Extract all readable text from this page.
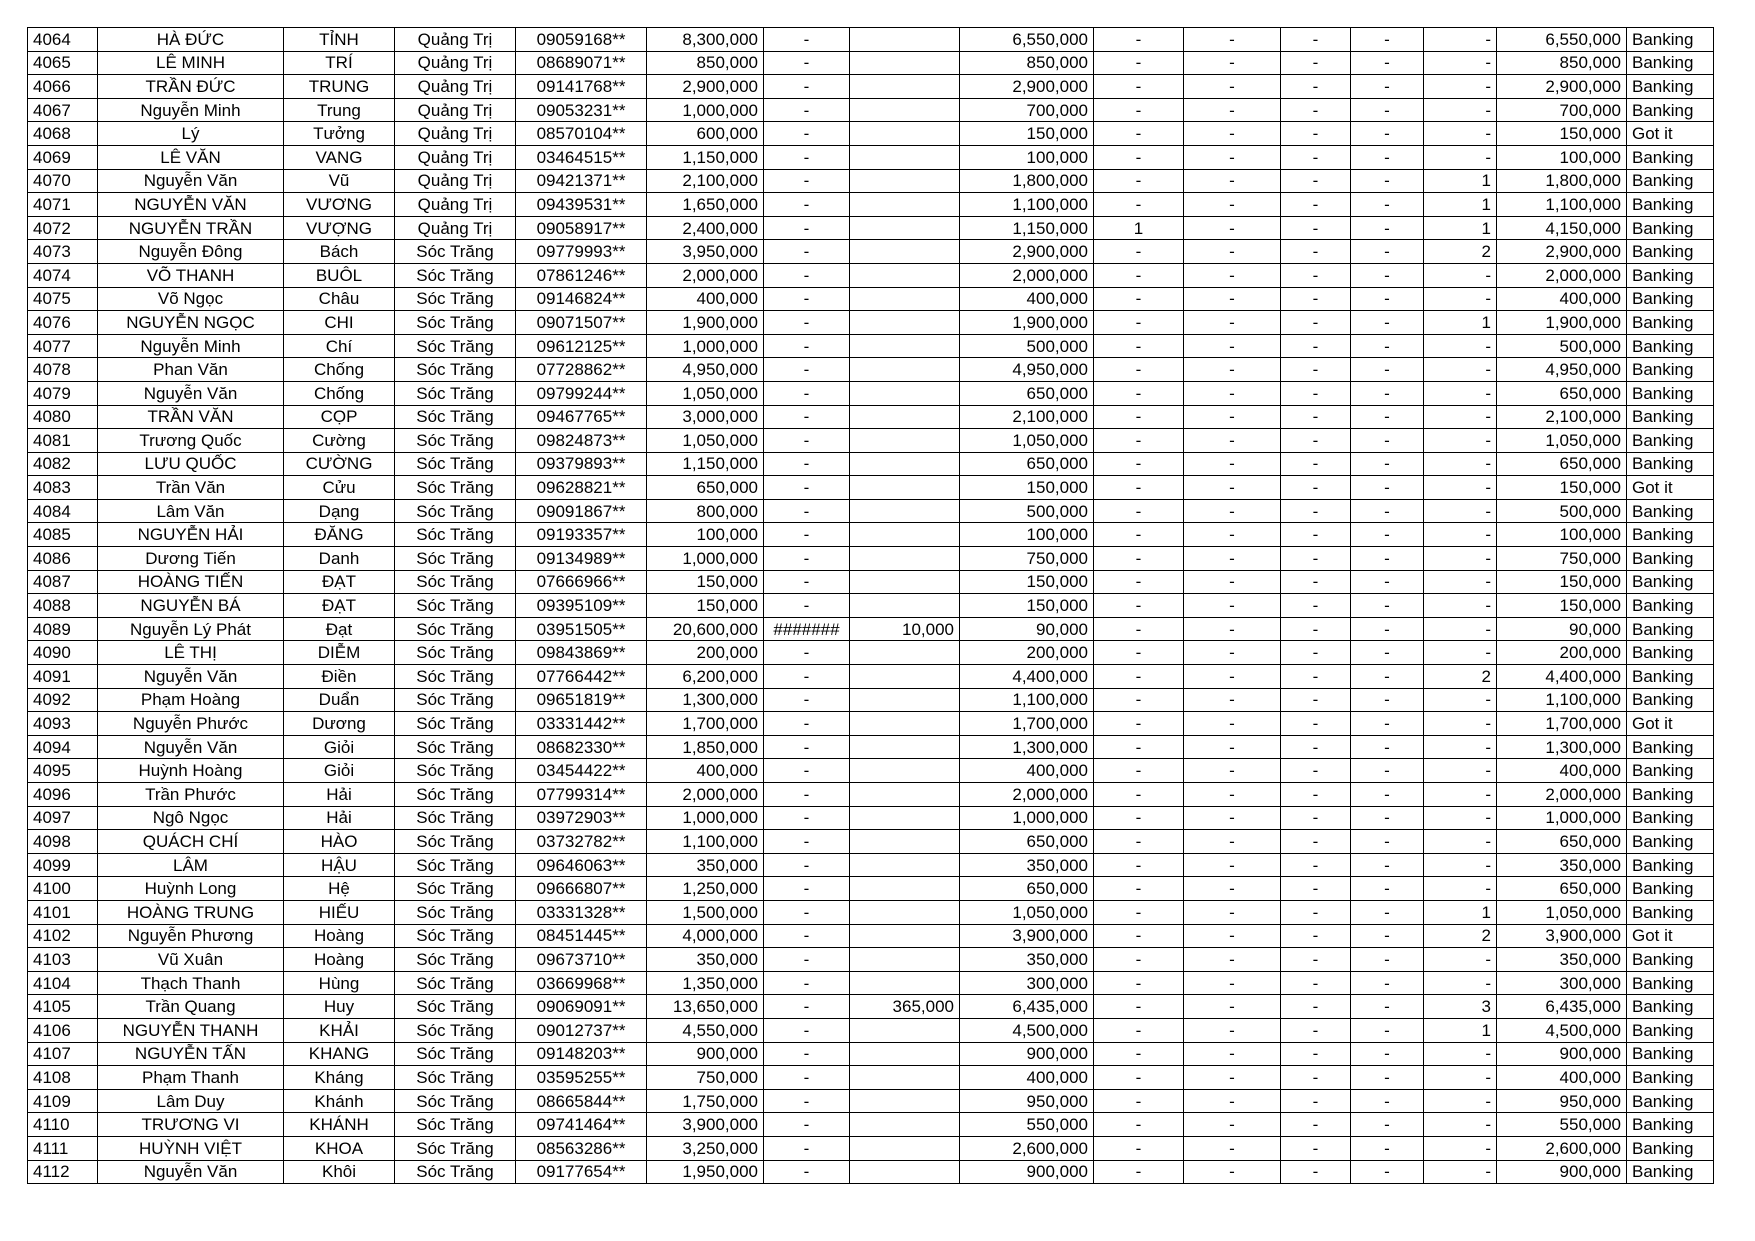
4064	HÀ ĐỨC	TỈNH	Quảng Trị	09059168**	8,300,000	-		6,550,000	-	-	-	-	-	6,550,000	Banking
4065	LÊ MINH	TRÍ	Quảng Trị	08689071**	850,000	-		850,000	-	-	-	-	-	850,000	Banking
4066	TRẦN ĐỨC	TRUNG	Quảng Trị	09141768**	2,900,000	-		2,900,000	-	-	-	-	-	2,900,000	Banking
4067	Nguyễn Minh	Trung	Quảng Trị	09053231**	1,000,000	-		700,000	-	-	-	-	-	700,000	Banking
4068	Lý	Tưởng	Quảng Trị	08570104**	600,000	-		150,000	-	-	-	-	-	150,000	Got it
4069	LÊ VĂN	VANG	Quảng Trị	03464515**	1,150,000	-		100,000	-	-	-	-	-	100,000	Banking
4070	Nguyễn Văn	Vũ	Quảng Trị	09421371**	2,100,000	-		1,800,000	-	-	-	-	1	1,800,000	Banking
4071	NGUYỄN VĂN	VƯƠNG	Quảng Trị	09439531**	1,650,000	-		1,100,000	-	-	-	-	1	1,100,000	Banking
4072	NGUYỄN TRẦN	VƯỢNG	Quảng Trị	09058917**	2,400,000	-		1,150,000	1	-	-	-	1	4,150,000	Banking
4073	Nguyễn Đông	Bách	Sóc Trăng	09779993**	3,950,000	-		2,900,000	-	-	-	-	2	2,900,000	Banking
4074	VÕ THANH	BUÔL	Sóc Trăng	07861246**	2,000,000	-		2,000,000	-	-	-	-	-	2,000,000	Banking
4075	Võ Ngọc	Châu	Sóc Trăng	09146824**	400,000	-		400,000	-	-	-	-	-	400,000	Banking
4076	NGUYỄN NGỌC	CHI	Sóc Trăng	09071507**	1,900,000	-		1,900,000	-	-	-	-	1	1,900,000	Banking
4077	Nguyễn Minh	Chí	Sóc Trăng	09612125**	1,000,000	-		500,000	-	-	-	-	-	500,000	Banking
4078	Phan Văn	Chống	Sóc Trăng	07728862**	4,950,000	-		4,950,000	-	-	-	-	-	4,950,000	Banking
4079	Nguyễn Văn	Chống	Sóc Trăng	09799244**	1,050,000	-		650,000	-	-	-	-	-	650,000	Banking
4080	TRẦN VĂN	CỌP	Sóc Trăng	09467765**	3,000,000	-		2,100,000	-	-	-	-	-	2,100,000	Banking
4081	Trương Quốc	Cường	Sóc Trăng	09824873**	1,050,000	-		1,050,000	-	-	-	-	-	1,050,000	Banking
4082	LƯU QUỐC	CƯỜNG	Sóc Trăng	09379893**	1,150,000	-		650,000	-	-	-	-	-	650,000	Banking
4083	Trần Văn	Cửu	Sóc Trăng	09628821**	650,000	-		150,000	-	-	-	-	-	150,000	Got it
4084	Lâm Văn	Dạng	Sóc Trăng	09091867**	800,000	-		500,000	-	-	-	-	-	500,000	Banking
4085	NGUYỄN HẢI	ĐĂNG	Sóc Trăng	09193357**	100,000	-		100,000	-	-	-	-	-	100,000	Banking
4086	Dương Tiến	Danh	Sóc Trăng	09134989**	1,000,000	-		750,000	-	-	-	-	-	750,000	Banking
4087	HOÀNG TIẾN	ĐẠT	Sóc Trăng	07666966**	150,000	-		150,000	-	-	-	-	-	150,000	Banking
4088	NGUYỄN BÁ	ĐẠT	Sóc Trăng	09395109**	150,000	-		150,000	-	-	-	-	-	150,000	Banking
4089	Nguyễn Lý Phát	Đạt	Sóc Trăng	03951505**	20,600,000	#######	10,000	90,000	-	-	-	-	-	90,000	Banking
4090	LÊ THỊ	DIỄM	Sóc Trăng	09843869**	200,000	-		200,000	-	-	-	-	-	200,000	Banking
4091	Nguyễn Văn	Điền	Sóc Trăng	07766442**	6,200,000	-		4,400,000	-	-	-	-	2	4,400,000	Banking
4092	Phạm Hoàng	Duẩn	Sóc Trăng	09651819**	1,300,000	-		1,100,000	-	-	-	-	-	1,100,000	Banking
4093	Nguyễn Phước	Dương	Sóc Trăng	03331442**	1,700,000	-		1,700,000	-	-	-	-	-	1,700,000	Got it
4094	Nguyễn Văn	Giỏi	Sóc Trăng	08682330**	1,850,000	-		1,300,000	-	-	-	-	-	1,300,000	Banking
4095	Huỳnh Hoàng	Giỏi	Sóc Trăng	03454422**	400,000	-		400,000	-	-	-	-	-	400,000	Banking
4096	Trần Phước	Hải	Sóc Trăng	07799314**	2,000,000	-		2,000,000	-	-	-	-	-	2,000,000	Banking
4097	Ngô Ngọc	Hải	Sóc Trăng	03972903**	1,000,000	-		1,000,000	-	-	-	-	-	1,000,000	Banking
4098	QUÁCH CHÍ	HÀO	Sóc Trăng	03732782**	1,100,000	-		650,000	-	-	-	-	-	650,000	Banking
4099	LÂM	HẬU	Sóc Trăng	09646063**	350,000	-		350,000	-	-	-	-	-	350,000	Banking
4100	Huỳnh Long	Hệ	Sóc Trăng	09666807**	1,250,000	-		650,000	-	-	-	-	-	650,000	Banking
4101	HOÀNG TRUNG	HIẾU	Sóc Trăng	03331328**	1,500,000	-		1,050,000	-	-	-	-	1	1,050,000	Banking
4102	Nguyễn Phương	Hoàng	Sóc Trăng	08451445**	4,000,000	-		3,900,000	-	-	-	-	2	3,900,000	Got it
4103	Vũ Xuân	Hoàng	Sóc Trăng	09673710**	350,000	-		350,000	-	-	-	-	-	350,000	Banking
4104	Thạch Thanh	Hùng	Sóc Trăng	03669968**	1,350,000	-		300,000	-	-	-	-	-	300,000	Banking
4105	Trần Quang	Huy	Sóc Trăng	09069091**	13,650,000	-	365,000	6,435,000	-	-	-	-	3	6,435,000	Banking
4106	NGUYỄN THANH	KHẢI	Sóc Trăng	09012737**	4,550,000	-		4,500,000	-	-	-	-	1	4,500,000	Banking
4107	NGUYỄN TẤN	KHANG	Sóc Trăng	09148203**	900,000	-		900,000	-	-	-	-	-	900,000	Banking
4108	Phạm Thanh	Kháng	Sóc Trăng	03595255**	750,000	-		400,000	-	-	-	-	-	400,000	Banking
4109	Lâm Duy	Khánh	Sóc Trăng	08665844**	1,750,000	-		950,000	-	-	-	-	-	950,000	Banking
4110	TRƯƠNG VI	KHÁNH	Sóc Trăng	09741464**	3,900,000	-		550,000	-	-	-	-	-	550,000	Banking
4111	HUỲNH VIỆT	KHOA	Sóc Trăng	08563286**	3,250,000	-		2,600,000	-	-	-	-	-	2,600,000	Banking
4112	Nguyễn Văn	Khôi	Sóc Trăng	09177654**	1,950,000	-		900,000	-	-	-	-	-	900,000	Banking
